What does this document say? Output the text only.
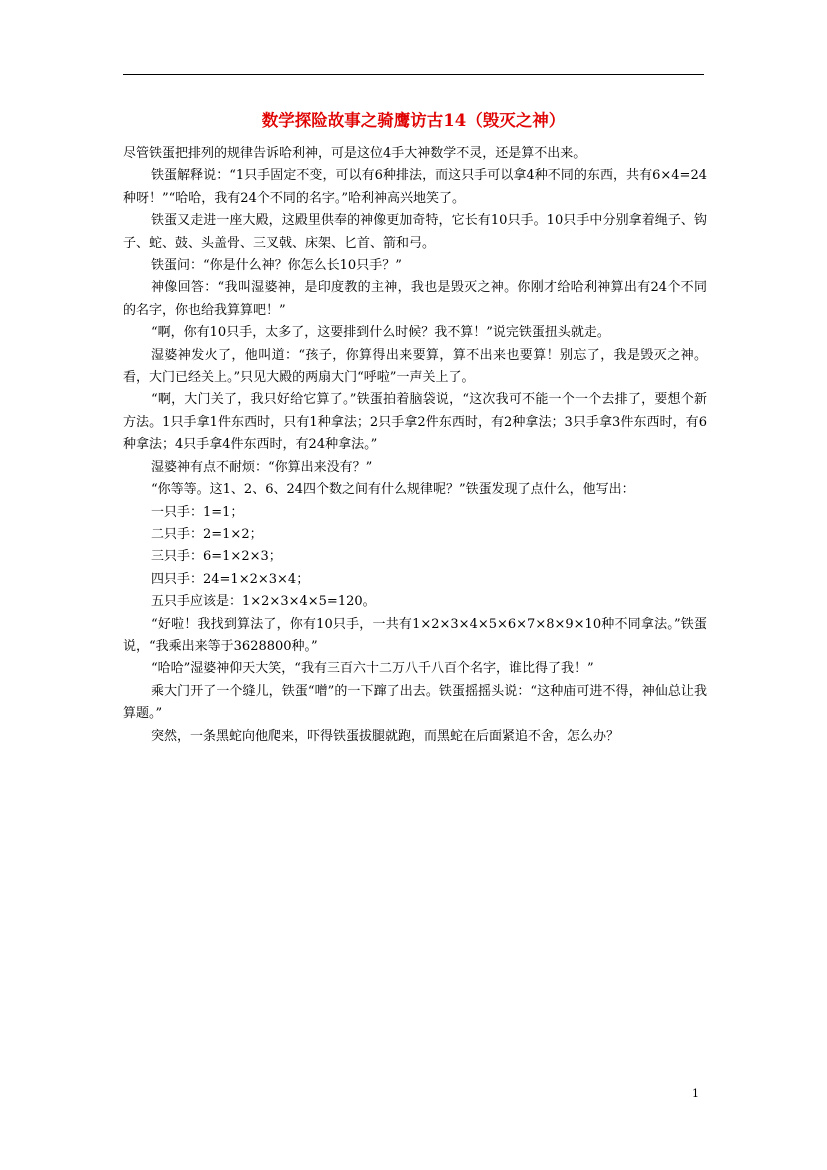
数学探险故事之骑鹰访古14（毁灭之神）

尽管铁蛋把排列的规律告诉哈利神，可是这位4手大神数学不灵，还是算不出来。

铁蛋解释说：“1只手固定不变，可以有6种排法，而这只手可以拿4种不同的东西，共有6×4=24种呀！”“哈哈，我有24个不同的名字。”哈利神高兴地笑了。

铁蛋又走进一座大殿，这殿里供奉的神像更加奇特，它长有10只手。10只手中分别拿着绳子、钩子、蛇、鼓、头盖骨、三叉戟、床架、匕首、箭和弓。

铁蛋问：“你是什么神？你怎么长10只手？”

神像回答：“我叫湿婆神，是印度教的主神，我也是毁灭之神。你刚才给哈利神算出有24个不同的名字，你也给我算算吧！”

“啊，你有10只手，太多了，这要排到什么时候？我不算！”说完铁蛋扭头就走。

湿婆神发火了，他叫道：“孩子，你算得出来要算，算不出来也要算！别忘了，我是毁灭之神。看，大门已经关上。”只见大殿的两扇大门“呼啦”一声关上了。

“啊，大门关了，我只好给它算了。”铁蛋拍着脑袋说，“这次我可不能一个一个去排了，要想个新方法。1只手拿1件东西时，只有1种拿法；2只手拿2件东西时，有2种拿法；3只手拿3件东西时，有6种拿法；4只手拿4件东西时，有24种拿法。”

湿婆神有点不耐烦：“你算出来没有？”

“你等等。这1、2、6、24四个数之间有什么规律呢？”铁蛋发现了点什么，他写出：

一只手：1=1；

二只手：2=1×2；

三只手：6=1×2×3；

四只手：24=1×2×3×4；

五只手应该是：1×2×3×4×5=120。

“好啦！我找到算法了，你有10只手，一共有1×2×3×4×5×6×7×8×9×10种不同拿法。”铁蛋说，“我乘出来等于3628800种。”

“哈哈”湿婆神仰天大笑，“我有三百六十二万八千八百个名字，谁比得了我！”

乘大门开了一个缝儿，铁蛋“噌”的一下蹿了出去。铁蛋摇摇头说：“这种庙可进不得，神仙总让我算题。”

突然，一条黑蛇向他爬来，吓得铁蛋拔腿就跑，而黑蛇在后面紧追不舍，怎么办？

1
